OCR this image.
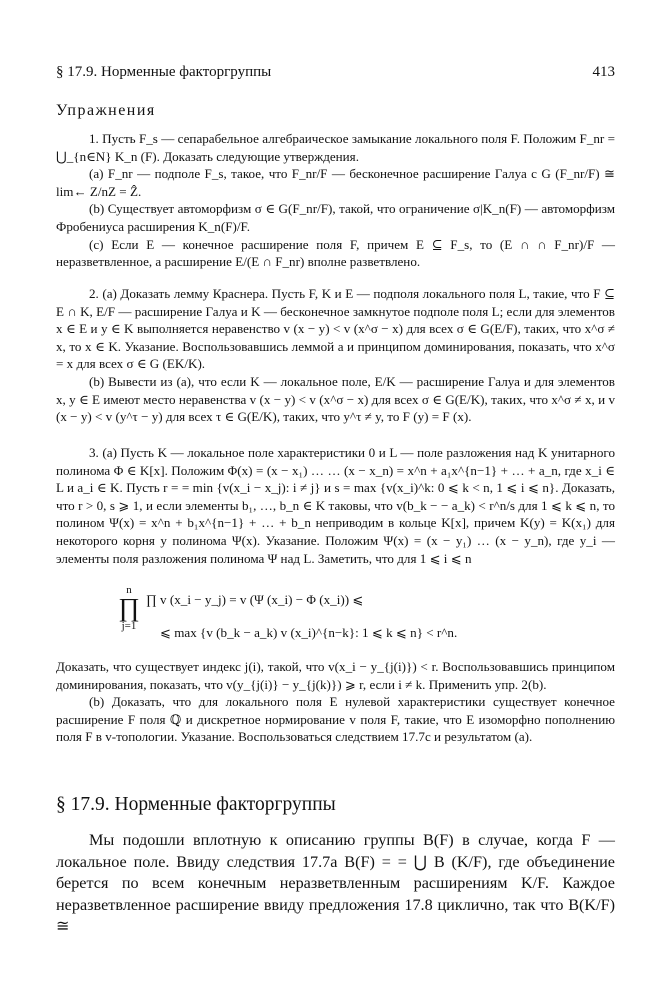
§ 17.9. Норменные факторгруппы	413
Упражнения

1. Пусть F_s — сепарабельное алгебраическое замыкание локального поля F. Положим F_nr = ⋃_{n∈N} K_n (F). Доказать следующие утверждения.

(a) F_nr — подполе F_s, такое, что F_nr/F — бесконечное расширение Галуа с G (F_nr/F) ≅ lim← Z/nZ = Ẑ.

(b) Существует автоморфизм σ ∈ G(F_nr/F), такой, что ограничение σ|K_n(F) — автоморфизм Фробениуса расширения K_n(F)/F.

(c) Если E — конечное расширение поля F, причем E ⊆ F_s, то (E ∩ ∩ F_nr)/F — неразветвленное, а расширение E/(E ∩ F_nr) вполне разветвлено.

2. (a) Доказать лемму Краснера. Пусть F, K и E — подполя локального поля L, такие, что F ⊆ E ∩ K, E/F — расширение Галуа и K — бесконечное замкнутое подполе поля L; если для элементов x ∈ E и y ∈ K выполняется неравенство v (x − y) < v (x^σ − x) для всех σ ∈ G(E/F), таких, что x^σ ≠ x, то x ∈ K. Указание. Воспользовавшись леммой a и принципом доминирования, показать, что x^σ = x для всех σ ∈ G (EK/K).

(b) Вывести из (a), что если K — локальное поле, E/K — расширение Галуа и для элементов x, y ∈ E имеют место неравенства v (x − y) < v (x^σ − x) для всех σ ∈ G(E/K), таких, что x^σ ≠ x, и v (x − y) < v (y^τ − y) для всех τ ∈ G(E/K), таких, что y^τ ≠ y, то F (y) = F (x).

3. (a) Пусть K — локальное поле характеристики 0 и L — поле разложения над K унитарного полинома Φ ∈ K[x]. Положим Φ(x) = (x − x₁) … … (x − x_n) = x^n + a₁x^{n−1} + … + a_n, где x_i ∈ L и a_i ∈ K. Пусть r = = min {v(x_i − x_j): i ≠ j} и s = max {v(x_i)^k: 0 ⩽ k < n, 1 ⩽ i ⩽ n}. Доказать, что r > 0, s ⩾ 1, и если элементы b₁, …, b_n ∈ K таковы, что v(b_k − − a_k) < r^n/s для 1 ⩽ k ⩽ n, то полином Ψ(x) = x^n + b₁x^{n−1} + … + b_n неприводим в кольце K[x], причем K(y) = K(x₁) для некоторого корня y полинома Ψ(x). Указание. Положим Ψ(x) = (x − y₁) … (x − y_n), где y_i — элементы поля разложения полинома Ψ над L. Заметить, что для 1 ⩽ i ⩽ n

n
∏
j=1
∏ v (x_i − y_j) = v (Ψ (x_i) − Φ (x_i)) ⩽
⩽ max {v (b_k − a_k) v (x_i)^{n−k}: 1 ⩽ k ⩽ n} < r^n.

Доказать, что существует индекс j(i), такой, что v(x_i − y_{j(i)}) < r. Воспользовавшись принципом доминирования, показать, что v(y_{j(i)} − y_{j(k)}) ⩾ r, если i ≠ k. Применить упр. 2(b).

(b) Доказать, что для локального поля E нулевой характеристики существует конечное расширение F поля ℚ и дискретное нормирование v поля F, такие, что E изоморфно пополнению поля F в v-топологии. Указание. Воспользоваться следствием 17.7c и результатом (a).

§ 17.9. Норменные факторгруппы

Мы подошли вплотную к описанию группы B(F) в случае, когда F — локальное поле. Ввиду следствия 17.7a B(F) = = ⋃ B (K/F), где объединение берется по всем конечным неразветвленным расширениям K/F. Каждое неразветвленное расширение ввиду предложения 17.8 циклично, так что B(K/F) ≅
